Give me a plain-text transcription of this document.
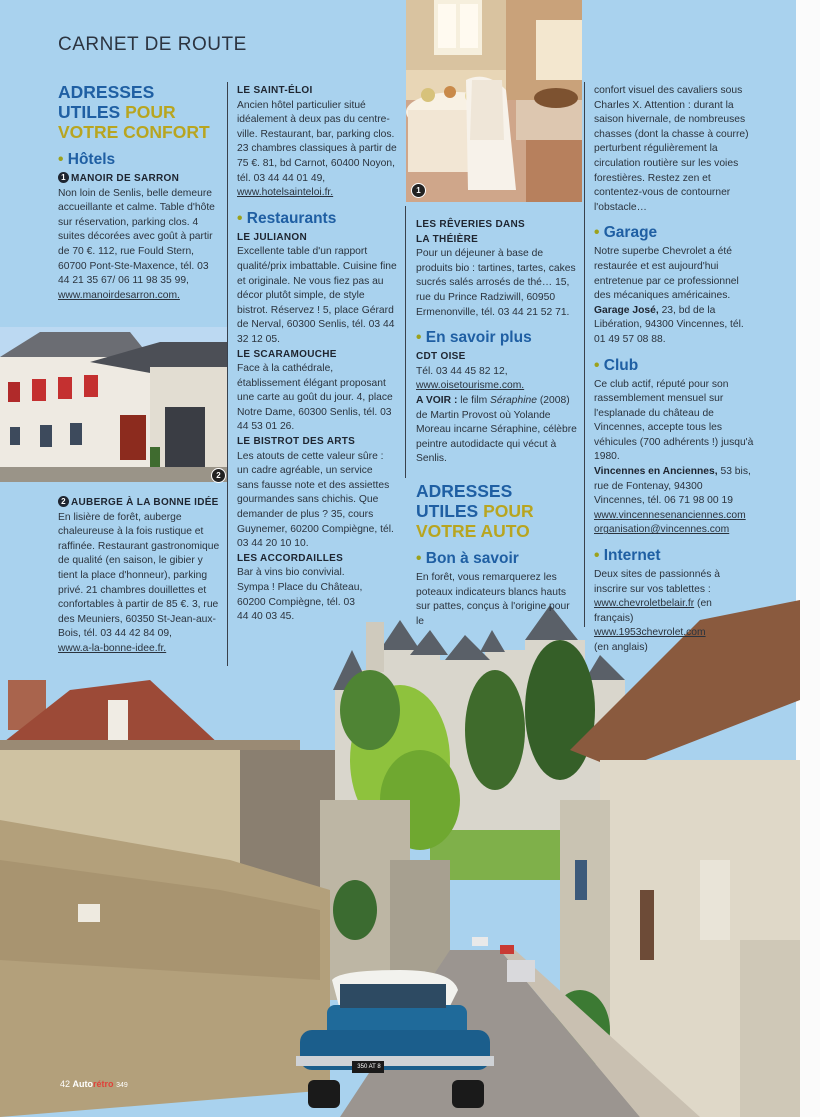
CARNET DE ROUTE
1
2
350 AT 8
ADRESSES
UTILES POUR
VOTRE CONFORT
• Hôtels
1 MANOIR DE SARRON

Non loin de Senlis, belle demeure accueillante et calme. Table d'hôte sur réservation, parking clos. 4 suites décorées avec goût à partir de 70 €. 112, rue Fould Stern, 60700 Pont-Ste-Maxence, tél. 03 44 21 35 67/ 06 11 98 35 99,

www.manoirdesarron.com.

2 AUBERGE À LA BONNE IDÉE

En lisière de forêt, auberge chaleureuse à la fois rustique et raffinée. Restaurant gastronomique de qualité (en saison, le gibier y tient la place d'honneur), parking privé. 21 chambres douillettes et confortables à partir de 85 €. 3, rue des Meuniers, 60350 St-Jean-aux-Bois, tél. 03 44 42 84 09,

www.a-la-bonne-idee.fr.

LE SAINT-ÉLOI

Ancien hôtel particulier situé idéalement à deux pas du centre-ville. Restaurant, bar, parking clos. 23 chambres classiques à partir de 75 €. 81, bd Carnot, 60400 Noyon, tél. 03 44 44 01 49,

www.hotelsainteloi.fr.

• Restaurants
LE JULIANON

Excellente table d'un rapport qualité/prix imbattable. Cuisine fine et originale. Ne vous fiez pas au décor plutôt simple, de style bistrot. Réservez ! 5, place Gérard de Nerval, 60300 Senlis, tél. 03 44 32 12 05.

LE SCARAMOUCHE

Face à la cathédrale, établissement élégant proposant une carte au goût du jour. 4, place Notre Dame, 60300 Senlis, tél. 03 44 53 01 26.

LE BISTROT DES ARTS

Les atouts de cette valeur sûre : un cadre agréable, un service sans fausse note et des assiettes gourmandes sans chichis. Que demander de plus ? 35, cours Guynemer, 60200 Compiègne, tél. 03 44 20 10 10.

LES ACCORDAILLES

Bar à vins bio convivial. Sympa ! Place du Château, 60200 Compiègne, tél. 03 44 40 03 45.

LES RÊVERIES DANS
LA THÉIÈRE

Pour un déjeuner à base de produits bio : tartines, tartes, cakes sucrés salés arrosés de thé… 15, rue du Prince Radziwill, 60950 Ermenonville, tél. 03 44 21 52 71.

• En savoir plus
CDT OISE

Tél. 03 44 45 82 12,

www.oisetourisme.com.

A VOIR : le film Séraphine (2008) de Martin Provost où Yolande Moreau incarne Séraphine, célèbre peintre autodidacte qui vécut à Senlis.

ADRESSES
UTILES POUR
VOTRE AUTO
• Bon à savoir

En forêt, vous remarquerez les poteaux indicateurs blancs hauts sur pattes, conçus à l'origine pour le

confort visuel des cavaliers sous Charles X. Attention : durant la saison hivernale, de nombreuses chasses (dont la chasse à courre) perturbent régulièrement la circulation routière sur les voies forestières. Restez zen et contentez-vous de contourner l'obstacle…

• Garage

Notre superbe Chevrolet a été restaurée et est aujourd'hui entretenue par ce professionnel des mécaniques américaines.

Garage José, 23, bd de la Libération, 94300 Vincennes, tél. 01 49 57 08 88.

• Club

Ce club actif, réputé pour son rassemblement mensuel sur l'esplanade du château de Vincennes, accepte tous les véhicules (700 adhérents !) jusqu'à 1980.

Vincennes en Anciennes, 53 bis, rue de Fontenay, 94300 Vincennes, tél. 06 71 98 00 19

www.vincennesenanciennes.com

organisation@vincennes.com

• Internet

Deux sites de passionnés à inscrire sur vos tablettes :

www.chevroletbelair.fr (en français)

www.1953chevrolet.com

(en anglais)

42 Autorétro 349
